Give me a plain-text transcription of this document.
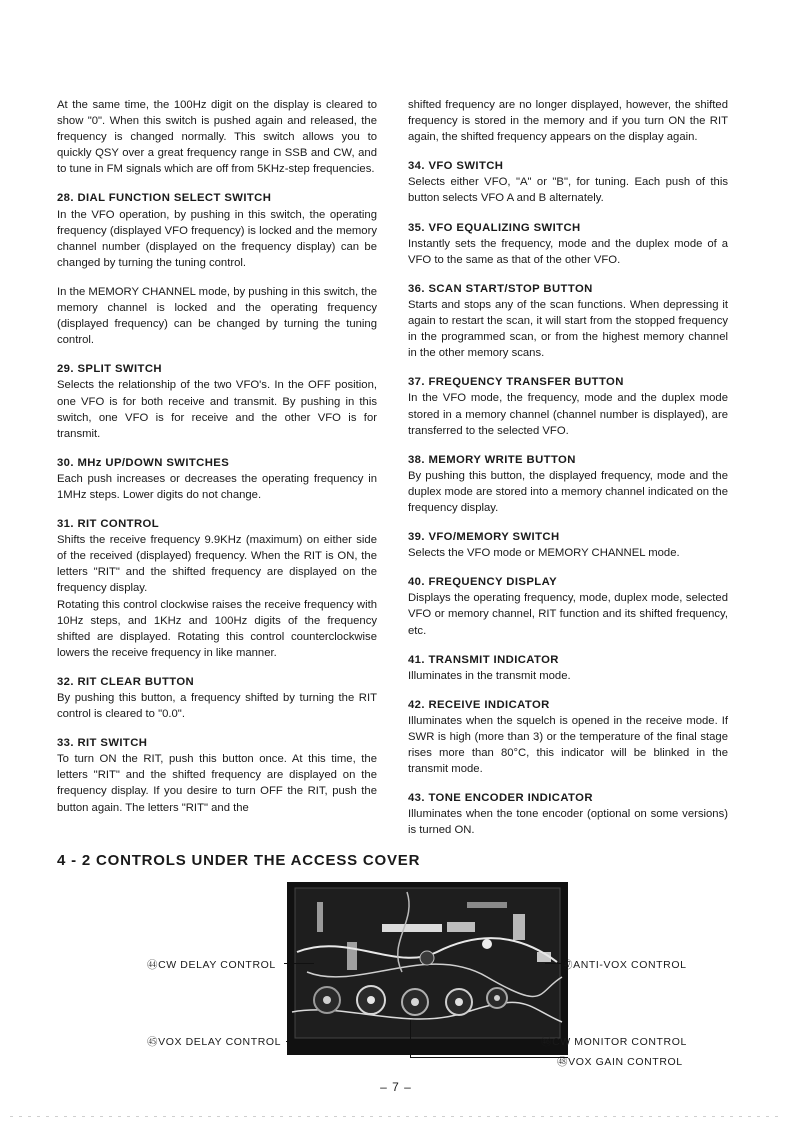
At the same time, the 100Hz digit on the display is cleared to show "0". When this switch is pushed again and released, the frequency is changed normally. This switch allows you to quickly QSY over a great frequency range in SSB and CW, and to tune in FM signals which are off from 5KHz-step frequencies.

28. DIAL FUNCTION SELECT SWITCH

In the VFO operation, by pushing in this switch, the operating frequency (displayed VFO frequency) is locked and the memory channel number (displayed on the frequency display) can be changed by turning the tuning control.

In the MEMORY CHANNEL mode, by pushing in this switch, the memory channel is locked and the operating frequency (displayed frequency) can be changed by turning the tuning control.

29. SPLIT SWITCH

Selects the relationship of the two VFO's. In the OFF position, one VFO is for both receive and transmit. By pushing in this switch, one VFO is for receive and the other VFO is for transmit.

30. MHz UP/DOWN SWITCHES

Each push increases or decreases the operating frequency in 1MHz steps. Lower digits do not change.

31. RIT CONTROL

Shifts the receive frequency 9.9KHz (maximum) on either side of the received (displayed) frequency. When the RIT is ON, the letters "RIT" and the shifted frequency are displayed on the frequency display.

Rotating this control clockwise raises the receive frequency with 10Hz steps, and 1KHz and 100Hz digits of the frequency shifted are displayed. Rotating this control counterclockwise lowers the receive frequency in like manner.

32. RIT CLEAR BUTTON

By pushing this button, a frequency shifted by turning the RIT control is cleared to "0.0".

33. RIT SWITCH

To turn ON the RIT, push this button once. At this time, the letters "RIT" and the shifted frequency are displayed on the frequency display. If you desire to turn OFF the RIT, push the button again. The letters "RIT" and the

shifted frequency are no longer displayed, however, the shifted frequency is stored in the memory and if you turn ON the RIT again, the shifted frequency appears on the display again.

34. VFO SWITCH

Selects either VFO, "A" or "B", for tuning. Each push of this button selects VFO A and B alternately.

35. VFO EQUALIZING SWITCH

Instantly sets the frequency, mode and the duplex mode of a VFO to the same as that of the other VFO.

36. SCAN START/STOP BUTTON

Starts and stops any of the scan functions. When depressing it again to restart the scan, it will start from the stopped frequency in the programmed scan, or from the highest memory channel in the other memory scans.

37. FREQUENCY TRANSFER BUTTON

In the VFO mode, the frequency, mode and the duplex mode stored in a memory channel (channel number is displayed), are transferred to the selected VFO.

38. MEMORY WRITE BUTTON

By pushing this button, the displayed frequency, mode and the duplex mode are stored into a memory channel indicated on the frequency display.

39. VFO/MEMORY SWITCH

Selects the VFO mode or MEMORY CHANNEL mode.

40. FREQUENCY DISPLAY

Displays the operating frequency, mode, duplex mode, selected VFO or memory channel, RIT function and its shifted frequency, etc.

41. TRANSMIT INDICATOR

Illuminates in the transmit mode.

42. RECEIVE INDICATOR

Illuminates when the squelch is opened in the receive mode. If SWR is high (more than 3) or the temperature of the final stage rises more than 80°C, this indicator will be blinked in the transmit mode.

43. TONE ENCODER INDICATOR

Illuminates when the tone encoder (optional on some versions) is turned ON.

4 - 2 CONTROLS UNDER THE ACCESS COVER
㊹CW DELAY CONTROL
㊺VOX DELAY CONTROL
㊼ANTI-VOX CONTROL
㊻CW MONITOR CONTROL
㊽VOX GAIN CONTROL
– 7 –
